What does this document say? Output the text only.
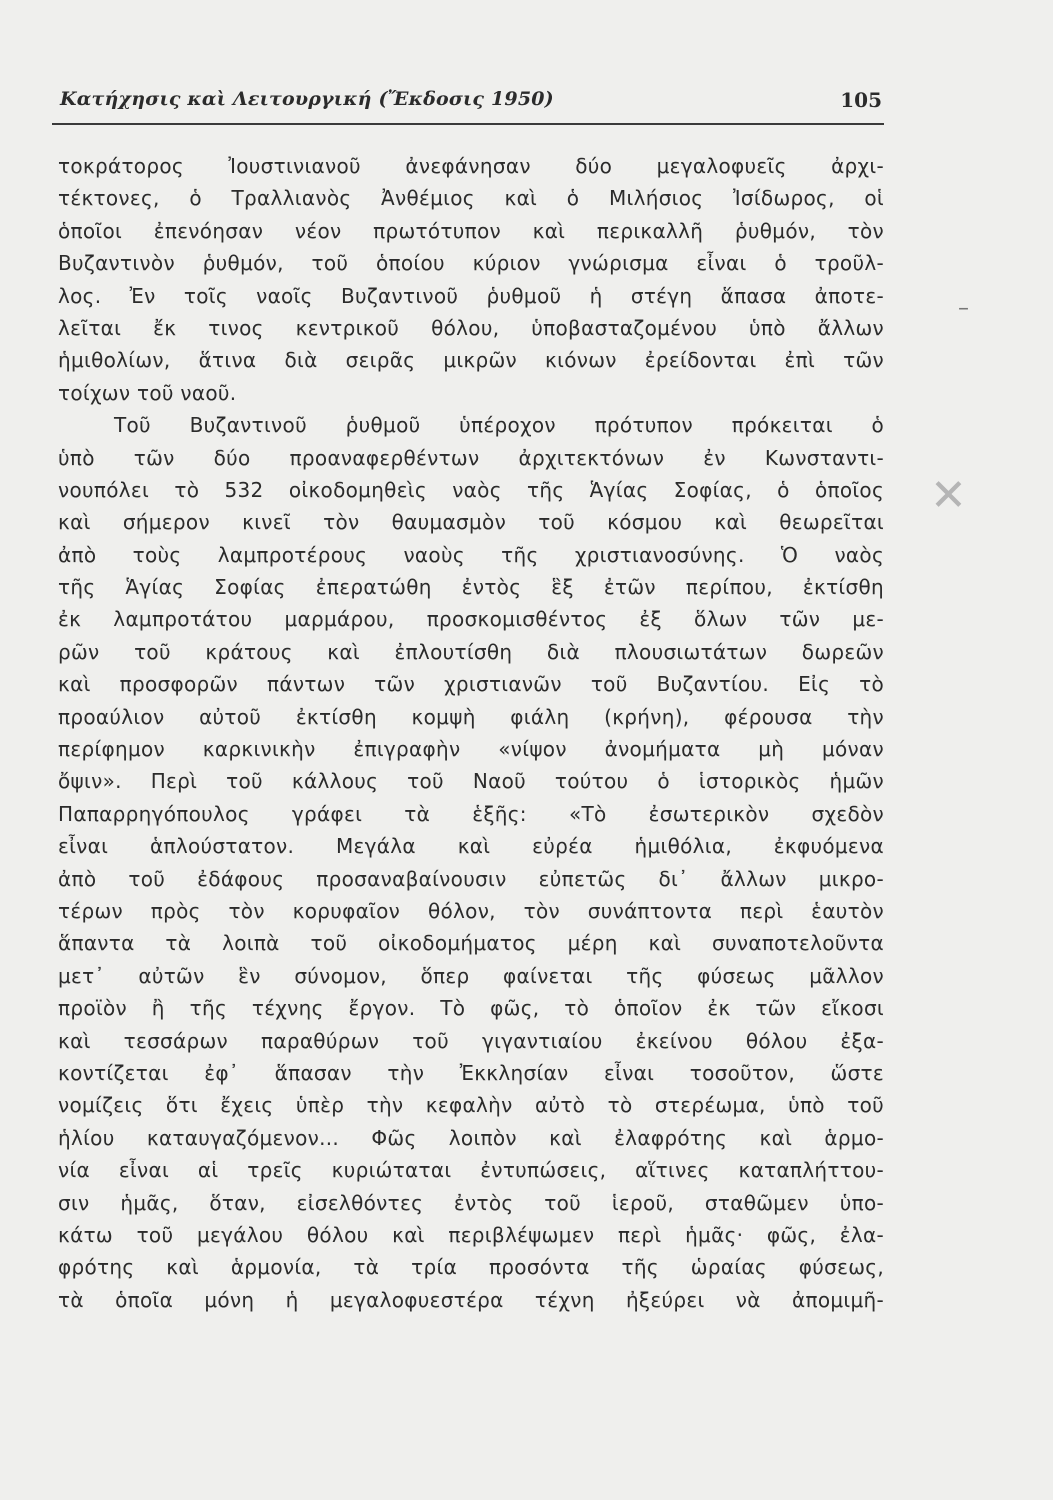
Κατήχησις καὶ Λειτουργική (Ἔκδοσις 1950)	105
τοκράτορος Ἰουστινιανοῦ ἀνεφάνησαν δύο μεγαλοφυεῖς ἀρχι-
τέκτονες, ὁ Τραλλιανὸς Ἀνθέμιος καὶ ὁ Μιλήσιος Ἰσίδωρος, οἱ
ὁποῖοι ἐπενόησαν νέον πρωτότυπον καὶ περικαλλῆ ῥυθμόν, τὸν
Βυζαντινὸν ῥυθμόν, τοῦ ὁποίου κύριον γνώρισμα εἶναι ὁ τροῦλ-
λος. Ἐν τοῖς ναοῖς Βυζαντινοῦ ῥυθμοῦ ἡ στέγη ἅπασα ἀποτε-
λεῖται ἔκ τινος κεντρικοῦ θόλου, ὑποβασταζομένου ὑπὸ ἄλλων
ἡμιθολίων, ἅτινα διὰ σειρᾶς μικρῶν κιόνων ἐρείδονται ἐπὶ τῶν
τοίχων τοῦ ναοῦ.
Τοῦ Βυζαντινοῦ ῥυθμοῦ ὑπέροχον πρότυπον πρόκειται ὁ
ὑπὸ τῶν δύο προαναφερθέντων ἀρχιτεκτόνων ἐν Κωνσταντι-
νουπόλει τὸ 532 οἰκοδομηθεὶς ναὸς τῆς Ἁγίας Σοφίας, ὁ ὁποῖος
καὶ σήμερον κινεῖ τὸν θαυμασμὸν τοῦ κόσμου καὶ θεωρεῖται
ἀπὸ τοὺς λαμπροτέρους ναοὺς τῆς χριστιανοσύνης. Ὁ ναὸς
τῆς Ἁγίας Σοφίας ἐπερατώθη ἐντὸς ἓξ ἐτῶν περίπου, ἐκτίσθη
ἐκ λαμπροτάτου μαρμάρου, προσκομισθέντος ἐξ ὅλων τῶν με-
ρῶν τοῦ κράτους καὶ ἐπλουτίσθη διὰ πλουσιωτάτων δωρεῶν
καὶ προσφορῶν πάντων τῶν χριστιανῶν τοῦ Βυζαντίου. Εἰς τὸ
προαύλιον αὐτοῦ ἐκτίσθη κομψὴ φιάλη (κρήνη), φέρουσα τὴν
περίφημον καρκινικὴν ἐπιγραφὴν «νίψον ἀνομήματα μὴ μόναν
ὄψιν». Περὶ τοῦ κάλλους τοῦ Ναοῦ τούτου ὁ ἱστορικὸς ἡμῶν
Παπαρρηγόπουλος γράφει τὰ ἑξῆς: «Τὸ ἐσωτερικὸν σχεδὸν
εἶναι ἁπλούστατον. Μεγάλα καὶ εὐρέα ἡμιθόλια, ἐκφυόμενα
ἀπὸ τοῦ ἐδάφους προσαναβαίνουσιν εὐπετῶς δι᾽ ἄλλων μικρο-
τέρων πρὸς τὸν κορυφαῖον θόλον, τὸν συνάπτοντα περὶ ἑαυτὸν
ἅπαντα τὰ λοιπὰ τοῦ οἰκοδομήματος μέρη καὶ συναποτελοῦντα
μετ᾽ αὐτῶν ἓν σύνομον, ὅπερ φαίνεται τῆς φύσεως μᾶλλον
προϊὸν ἢ τῆς τέχνης ἔργον. Τὸ φῶς, τὸ ὁποῖον ἐκ τῶν εἴκοσι
καὶ τεσσάρων παραθύρων τοῦ γιγαντιαίου ἐκείνου θόλου ἐξα-
κοντίζεται ἐφ᾽ ἅπασαν τὴν Ἐκκλησίαν εἶναι τοσοῦτον, ὥστε
νομίζεις ὅτι ἔχεις ὑπὲρ τὴν κεφαλὴν αὐτὸ τὸ στερέωμα, ὑπὸ τοῦ
ἡλίου καταυγαζόμενον... Φῶς λοιπὸν καὶ ἐλαφρότης καὶ ἁρμο-
νία εἶναι αἱ τρεῖς κυριώταται ἐντυπώσεις, αἵτινες καταπλήττου-
σιν ἡμᾶς, ὅταν, εἰσελθόντες ἐντὸς τοῦ ἱεροῦ, σταθῶμεν ὑπο-
κάτω τοῦ μεγάλου θόλου καὶ περιβλέψωμεν περὶ ἡμᾶς· φῶς, ἐλα-
φρότης καὶ ἁρμονία, τὰ τρία προσόντα τῆς ὡραίας φύσεως,
τὰ ὁποῖα μόνη ἡ μεγαλοφυεστέρα τέχνη ἠξεύρει νὰ ἀπομιμῆ-
–
✕
